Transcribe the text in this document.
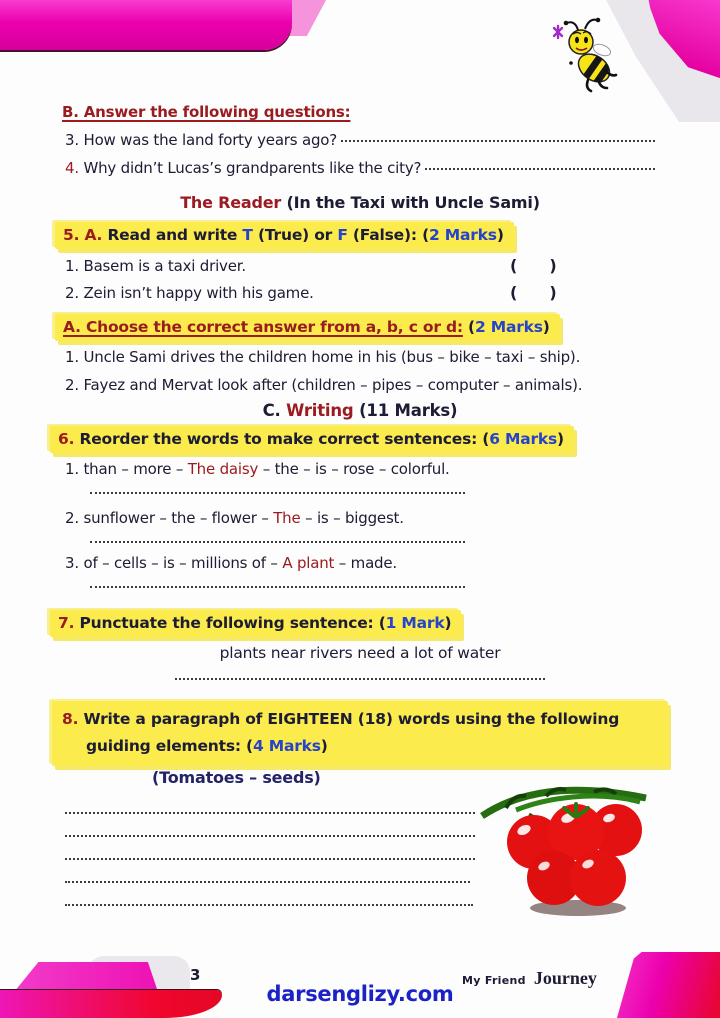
B. Answer the following questions:
3. How was the land forty years ago?
4. Why didn’t Lucas’s grandparents like the city?
The Reader (In the Taxi with Uncle Sami)
5. A. Read and write T (True) or F (False): (2 Marks)
1. Basem is a taxi driver.	(      )
2. Zein isn’t happy with his game.	(      )
A. Choose the correct answer from a, b, c or d: (2 Marks)
1. Uncle Sami drives the children home in his (bus – bike – taxi – ship).
2. Fayez and Mervat look after (children – pipes – computer – animals).
C. Writing (11 Marks)
6. Reorder the words to make correct sentences: (6 Marks)
1. than – more – The daisy – the – is – rose – colorful.
2. sunflower – the – flower – The – is – biggest.
3. of – cells – is – millions of – A plant – made.
7. Punctuate the following sentence: (1 Mark)
plants near rivers need a lot of water
8. Write a paragraph of EIGHTEEN (18) words using the following guiding elements: (4 Marks)
(Tomatoes – seeds)
3	My Friend Journey
darsenglizy.com
